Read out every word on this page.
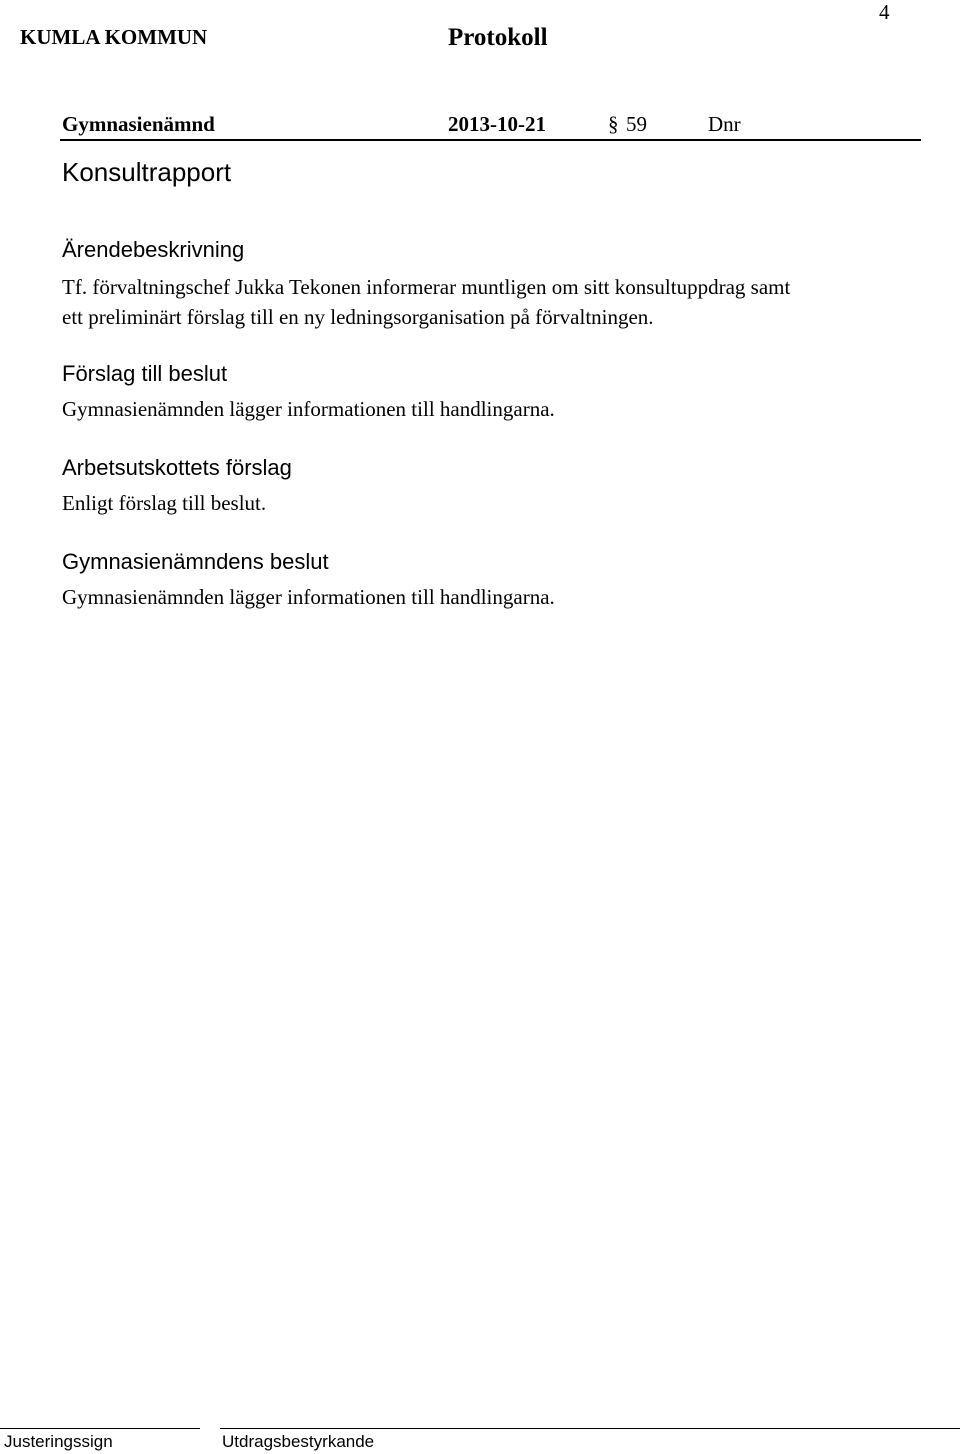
4
KUMLA KOMMUN	Protokoll
Gymnasienämnd	2013-10-21	§ 59	Dnr
Konsultrapport
Ärendebeskrivning
Tf. förvaltningschef Jukka Tekonen informerar muntligen om sitt konsultuppdrag samt
ett preliminärt förslag till en ny ledningsorganisation på förvaltningen.
Förslag till beslut
Gymnasienämnden lägger informationen till handlingarna.
Arbetsutskottets förslag
Enligt förslag till beslut.
Gymnasienämndens beslut
Gymnasienämnden lägger informationen till handlingarna.
Justeringssign	Utdragsbestyrkande
